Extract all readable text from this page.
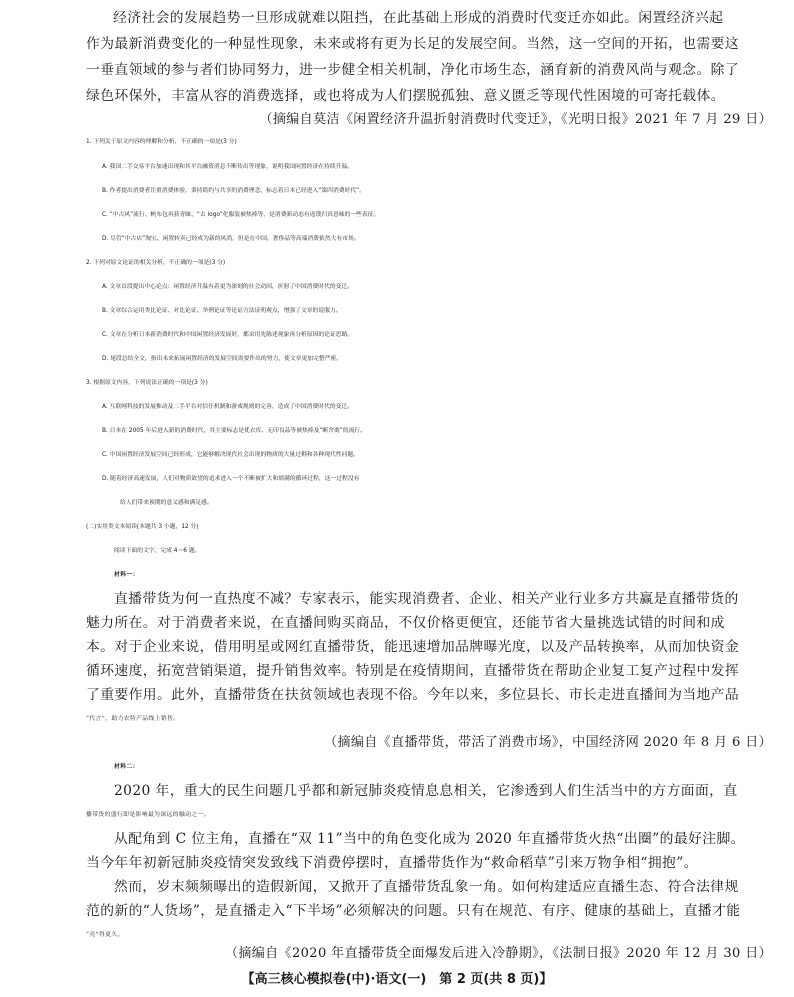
经济社会的发展趋势一旦形成就难以阻挡，在此基础上形成的消费时代变迁亦如此。闲置经济兴起
作为最新消费变化的一种显性现象，未来或将有更为长足的发展空间。当然，这一空间的开拓，也需要这
一垂直领域的参与者们协同努力，进一步健全相关机制，净化市场生态，涵育新的消费风尚与观念。除了
绿色环保外，丰富从容的消费选择，或也将成为人们摆脱孤独、意义匮乏等现代性困境的可寄托载体。
（摘编自莫洁《闲置经济升温折射消费时代变迁》，《光明日报》2021 年 7 月 29 日）
1. 下列关于原文内容的理解和分析，不正确的一项是(3 分)
A. 我国二手交易平台加速出现和其平台融资消息不断传出等现象，说明我国闲置经济在持续升温。
B. 作者提出消费者注重消费体验，秉持简约与共享的消费理念，标志着日本已经进入“第四消费时代”。
C. “中古风”流行、帆布包再获青睐、“去 logo”化服装被热捧等，是消费新动态有返璞归真意味的一些表征。
D. 尽管“中古店”淘宝、闲置转卖已经成为新的风尚，但是在中国，奢侈品等高端消费依然大有市场。
2. 下列对原文论证的相关分析，不正确的一项是(3 分)
A. 文章首段提出中心论点：闲置经济升温有着更为深刻的社会动因，折射了中国消费时代的变迁。
B. 文章综合运用类比论证、对比论证、举例论证等论证方法证明观点，增强了文章的说服力。
C. 文章在分析日本新消费时代和中国闲置经济发展时，都采用先陈述现象再分析原因的论证思路。
D. 尾段总结全文，指出未来拓展闲置经济的发展空间需要作出的努力，使文章更加完整严密。
3. 根据原文内容，下列说法正确的一项是(3 分)
A. 互联网科技的发展推动及二手平台对信任机制和游戏规则的完善，造成了中国消费时代的变迁。
B. 日本在 2005 年后进入新的消费时代，其主要标志是优衣库、无印良品等被热捧及“断舍离”的流行。
C. 中国闲置经济发展空间已经形成，它能够解决现代社会出现的物质的大量过剩和各种现代性问题。
D. 随着经济高速发展，人们对物质欲望的追求进入一个不断被扩大和填满的循环过程，这一过程没有
给人们带来预期的意义感和满足感。
(二)实用类文本阅读(本题共 3 小题，12 分)
阅读下面的文字，完成 4～6 题。
材料一：
直播带货为何一直热度不减？专家表示，能实现消费者、企业、相关产业行业多方共赢是直播带货的
魅力所在。对于消费者来说，在直播间购买商品，不仅价格更便宜，还能节省大量挑选试错的时间和成
本。对于企业来说，借用明星或网红直播带货，能迅速增加品牌曝光度，以及产品转换率，从而加快资金
循环速度，拓宽营销渠道，提升销售效率。特别是在疫情期间，直播带货在帮助企业复工复产过程中发挥
了重要作用。此外，直播带货在扶贫领域也表现不俗。今年以来，多位县长、市长走进直播间为当地产品
“代言”，助力农特产品线上销售。
（摘编自《直播带货，带活了消费市场》，中国经济网 2020 年 8 月 6 日）
材料二：
2020 年，重大的民生问题几乎都和新冠肺炎疫情息息相关，它渗透到人们生活当中的方方面面，直
播带货的盛行即是影响最为深远的触动之一。
从配角到 C 位主角，直播在“双 11”当中的角色变化成为 2020 年直播带货火热“出圈”的最好注脚。
当今年年初新冠肺炎疫情突发致线下消费停摆时，直播带货作为“救命稻草”引来万物争相“拥抱”。
然而，岁末频频曝出的造假新闻，又掀开了直播带货乱象一角。如何构建适应直播生态、符合法律规
范的新的“人货场”，是直播走入“下半场”必须解决的问题。只有在规范、有序、健康的基础上，直播才能
“亮”得更久。
（摘编自《2020 年直播带货全面爆发后进入冷静期》，《法制日报》2020 年 12 月 30 日）
【高三核心模拟卷(中)·语文(一)　第 2 页(共 8 页)】
